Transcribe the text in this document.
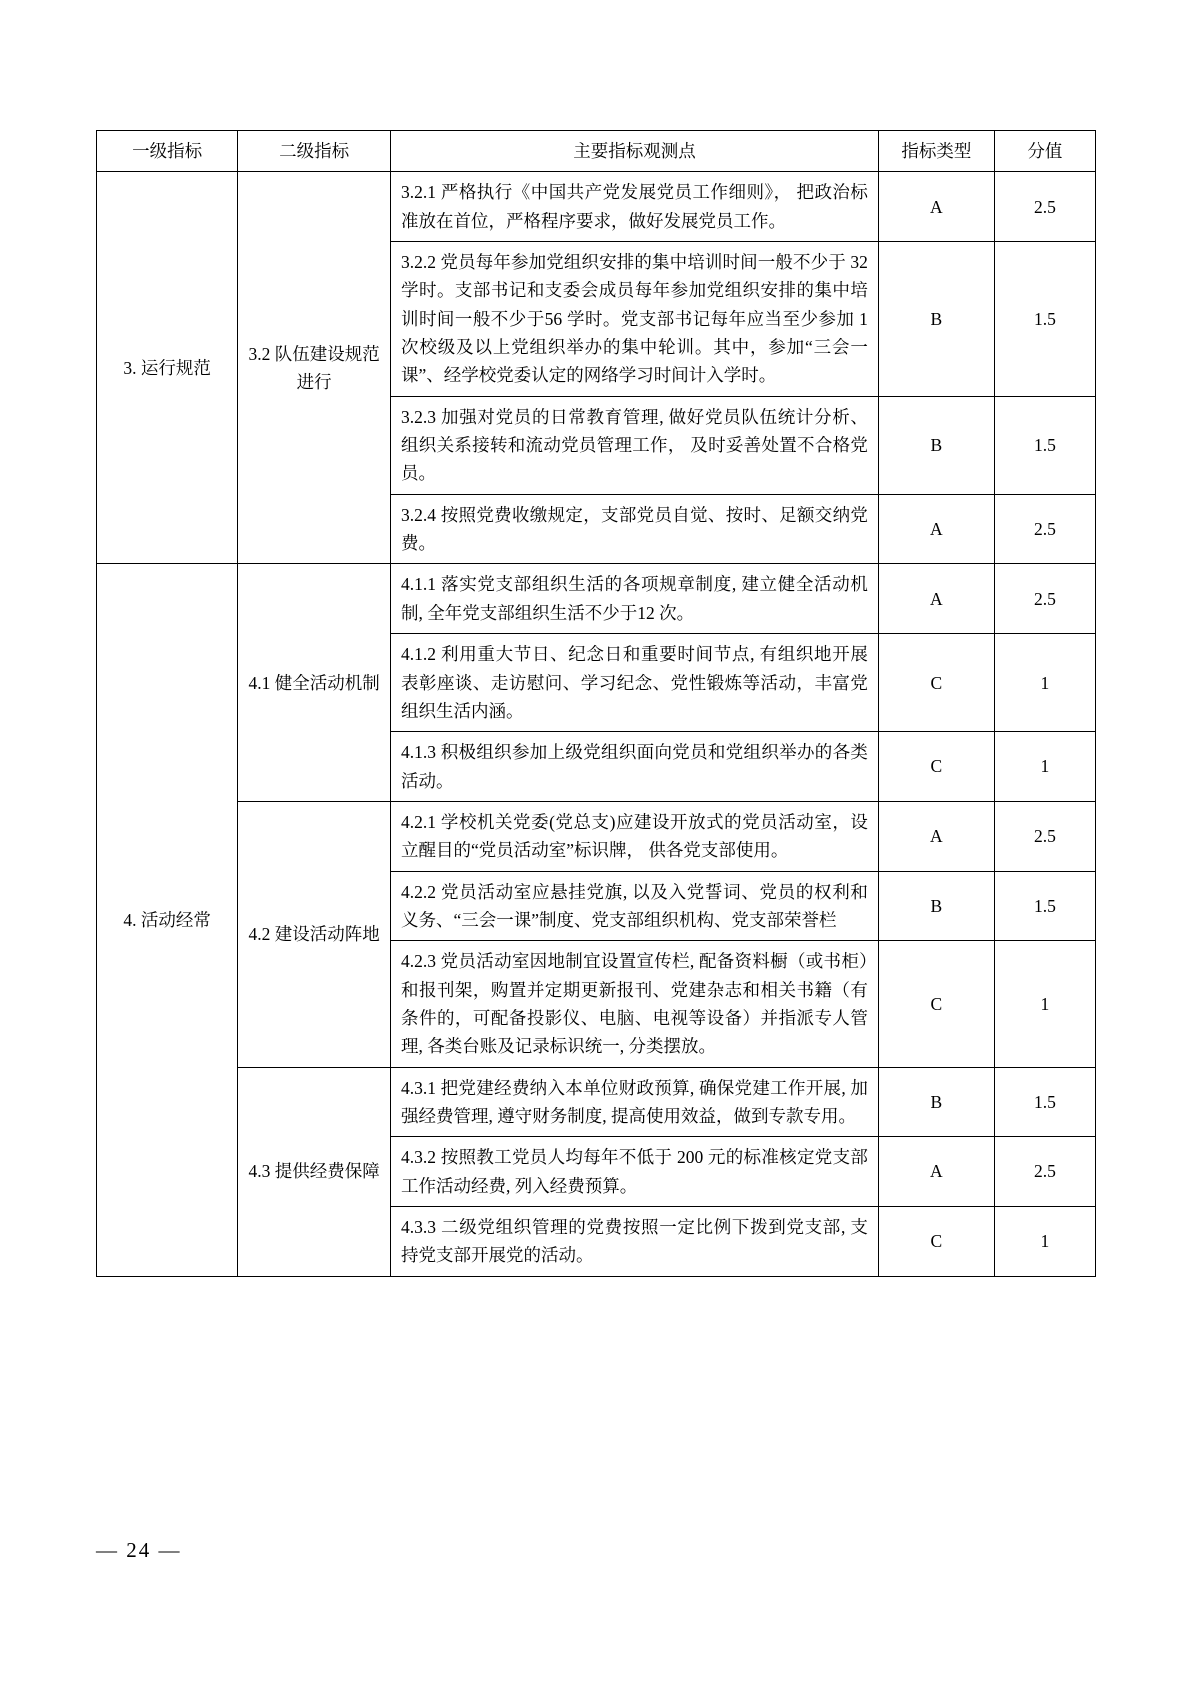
一级指标	二级指标	主要指标观测点	指标类型	分值
3. 运行规范	3.2 队伍建设规范进行	3.2.1 严格执行《中国共产党发展党员工作细则》， 把政治标准放在首位，严格程序要求，做好发展党员工作。	A	2.5
		3.2.2 党员每年参加党组织安排的集中培训时间一般不少于 32 学时。支部书记和支委会成员每年参加党组织安排的集中培训时间一般不少于56 学时。党支部书记每年应当至少参加 1 次校级及以上党组织举办的集中轮训。其中，参加“三会一课”、经学校党委认定的网络学习时间计入学时。	B	1.5
		3.2.3 加强对党员的日常教育管理, 做好党员队伍统计分析、组织关系接转和流动党员管理工作， 及时妥善处置不合格党员。	B	1.5
		3.2.4 按照党费收缴规定，支部党员自觉、按时、足额交纳党费。	A	2.5
4. 活动经常	4.1 健全活动机制	4.1.1 落实党支部组织生活的各项规章制度, 建立健全活动机制, 全年党支部组织生活不少于12 次。	A	2.5
		4.1.2 利用重大节日、纪念日和重要时间节点, 有组织地开展表彰座谈、走访慰问、学习纪念、党性锻炼等活动，丰富党组织生活内涵。	C	1
		4.1.3 积极组织参加上级党组织面向党员和党组织举办的各类活动。	C	1
	4.2 建设活动阵地	4.2.1 学校机关党委(党总支)应建设开放式的党员活动室，设立醒目的“党员活动室”标识牌， 供各党支部使用。	A	2.5
		4.2.2 党员活动室应悬挂党旗, 以及入党誓词、党员的权利和义务、“三会一课”制度、党支部组织机构、党支部荣誉栏	B	1.5
		4.2.3 党员活动室因地制宜设置宣传栏, 配备资料橱（或书柜）和报刊架，购置并定期更新报刊、党建杂志和相关书籍（有条件的，可配备投影仪、电脑、电视等设备）并指派专人管理, 各类台账及记录标识统一, 分类摆放。	C	1
	4.3 提供经费保障	4.3.1 把党建经费纳入本单位财政预算, 确保党建工作开展, 加强经费管理, 遵守财务制度, 提高使用效益，做到专款专用。	B	1.5
		4.3.2 按照教工党员人均每年不低于 200 元的标准核定党支部工作活动经费, 列入经费预算。	A	2.5
		4.3.3 二级党组织管理的党费按照一定比例下拨到党支部, 支持党支部开展党的活动。	C	1
— 24 —
